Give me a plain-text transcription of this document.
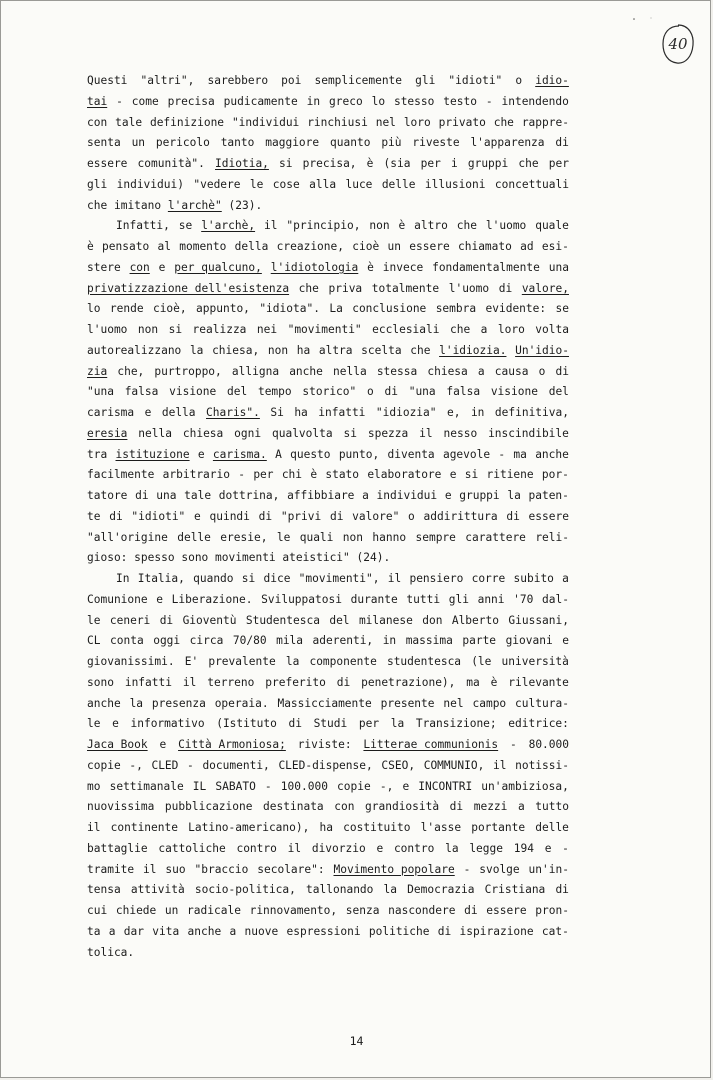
40
Questi "altri", sarebbero poi semplicemente gli "idioti" o idio-
tai - come precisa pudicamente in greco lo stesso testo - intendendo
con tale definizione "individui rinchiusi nel loro privato che rappre-
senta un pericolo tanto maggiore quanto più riveste l'apparenza di
essere comunità". Idiotia, si precisa, è (sia per i gruppi che per
gli individui) "vedere le cose alla luce delle illusioni concettuali
che
imitano
l'archè"
(23).
Infatti, se l'archè, il "principio, non è altro che l'uomo quale
è pensato al momento della creazione, cioè un essere chiamato ad esi-
stere con e per qualcuno, l'idiotologia è invece fondamentalmente una
privatizzazione dell'esistenza che priva totalmente l'uomo di valore,
lo rende cioè, appunto, "idiota". La conclusione sembra evidente: se
l'uomo non si realizza nei "movimenti" ecclesiali che a loro volta
autorealizzano la chiesa, non ha altra scelta che l'idiozia. Un'idio-
zia che, purtroppo, alligna anche nella stessa chiesa a causa o di
"una falsa visione del tempo storico" o di "una falsa visione del
carisma e della Charis". Si ha infatti "idiozia" e, in definitiva,
eresia nella chiesa ogni qualvolta si spezza il nesso inscindibile
tra istituzione e carisma. A questo punto, diventa agevole - ma anche
facilmente arbitrario - per chi è stato elaboratore e si ritiene por-
tatore di una tale dottrina, affibbiare a individui e gruppi la paten-
te di "idioti" e quindi di "privi di valore" o addirittura di essere
"all'origine delle eresie, le quali non hanno sempre carattere reli-
gioso:
spesso
sono
movimenti
ateistici"
(24).
In Italia, quando si dice "movimenti", il pensiero corre subito a
Comunione e Liberazione. Sviluppatosi durante tutti gli anni '70 dal-
le ceneri di Gioventù Studentesca del milanese don Alberto Giussani,
CL conta oggi circa 70/80 mila aderenti, in massima parte giovani e
giovanissimi. E' prevalente la componente studentesca (le università
sono infatti il terreno preferito di penetrazione), ma è rilevante
anche la presenza operaia. Massicciamente presente nel campo cultura-
le e informativo (Istituto di Studi per la Transizione; editrice:
Jaca Book e Città Armoniosa; riviste: Litterae communionis - 80.000
copie -, CLED - documenti, CLED-dispense, CSEO, COMMUNIO, il notissi-
mo settimanale IL SABATO - 100.000 copie -, e INCONTRI un'ambiziosa,
nuovissima pubblicazione destinata con grandiosità di mezzi a tutto
il continente Latino-americano), ha costituito l'asse portante delle
battaglie cattoliche contro il divorzio e contro la legge 194 e -
tramite il suo "braccio secolare": Movimento popolare - svolge un'in-
tensa attività socio-politica, tallonando la Democrazia Cristiana di
cui chiede un radicale rinnovamento, senza nascondere di essere pron-
ta a dar vita anche a nuove espressioni politiche di ispirazione cat-
tolica.
14
